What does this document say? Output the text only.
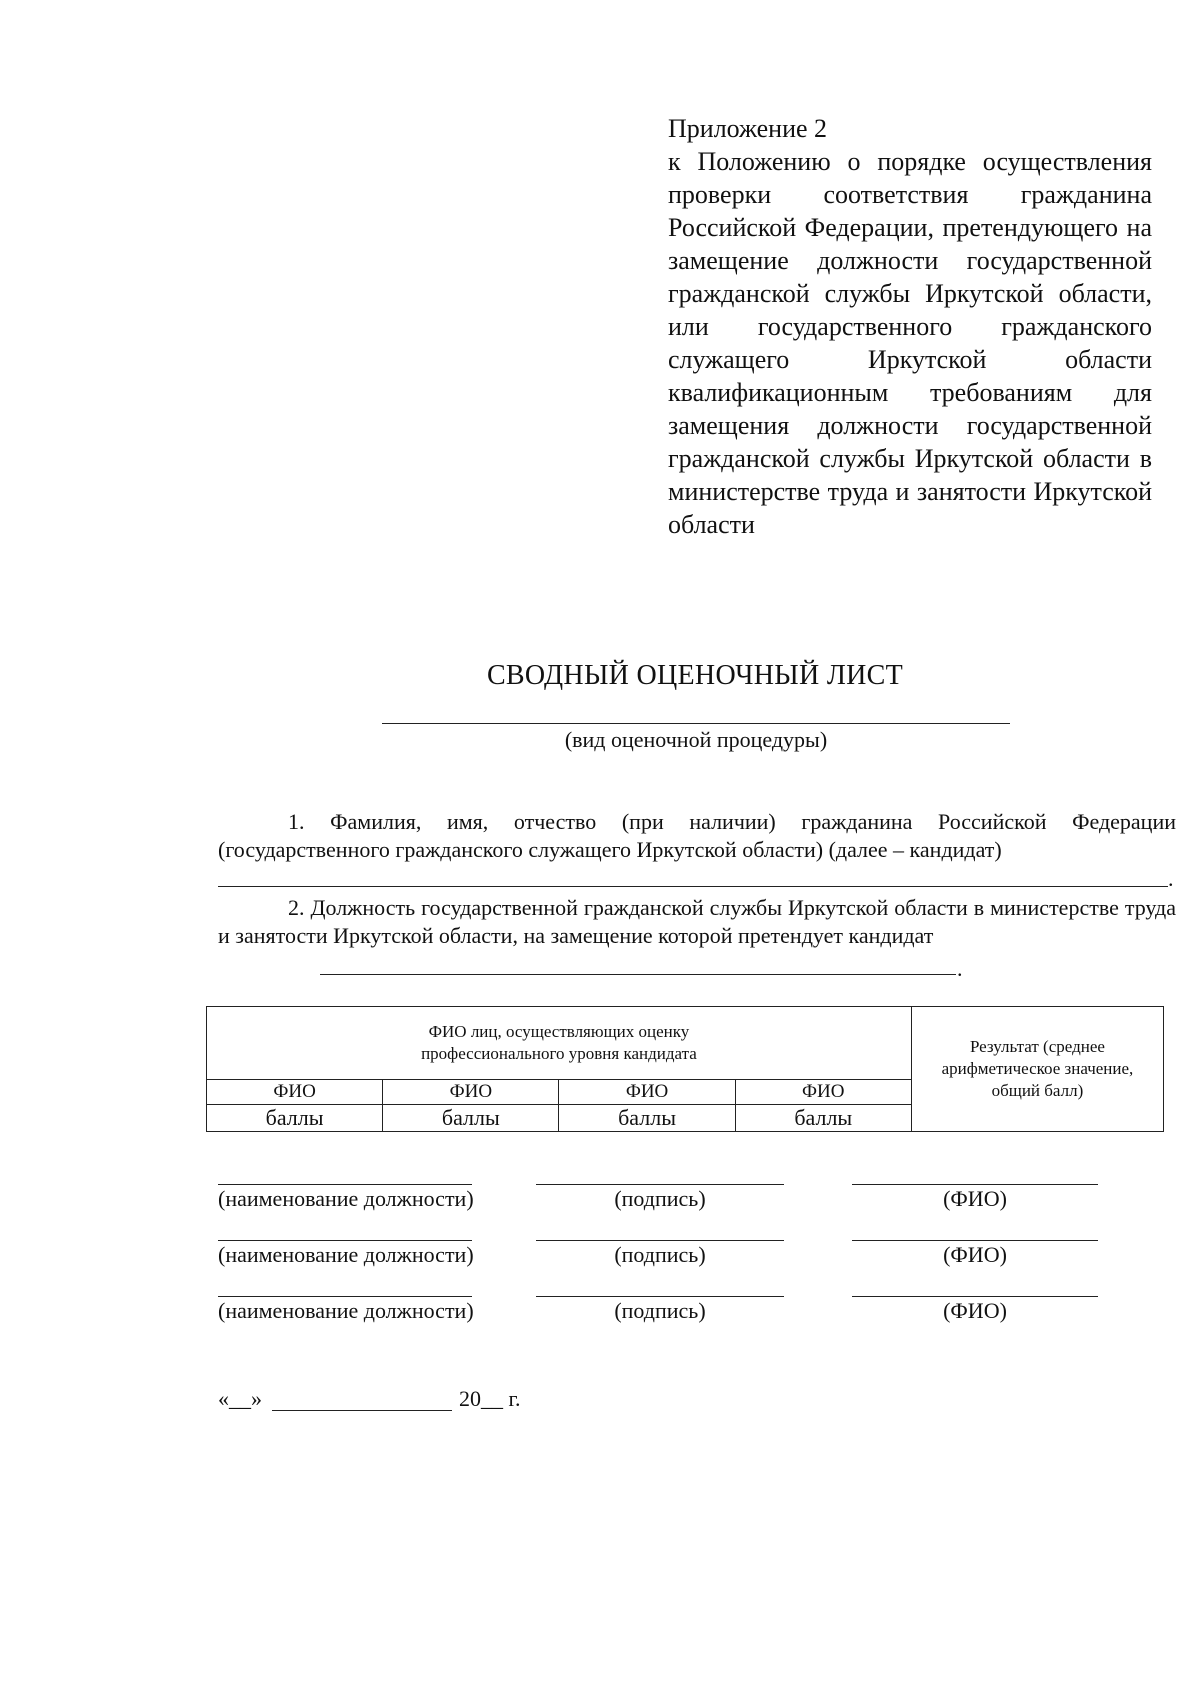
Приложение 2
к Положению о порядке осуществления проверки соответствия гражданина Российской Федерации, претендующего на замещение должности государственной гражданской службы Иркутской области, или государственного гражданского служащего Иркутской области квалификационным требованиям для замещения должности государственной гражданской службы Иркутской области в министерстве труда и занятости Иркутской области
СВОДНЫЙ ОЦЕНОЧНЫЙ ЛИСТ
(вид оценочной процедуры)
1. Фамилия, имя, отчество (при наличии) гражданина Российской Федерации (государственного гражданского служащего Иркутской области) (далее – кандидат)
.
2. Должность государственной гражданской службы Иркутской области в министерстве труда и занятости Иркутской области, на замещение которой претендует кандидат
.
ФИО лиц, осуществляющих оценку профессионального уровня кандидата				Результат (среднее арифметическое значение, общий балл)

ФИО	ФИО	ФИО	ФИО	
баллы	баллы	баллы	баллы	
(наименование должности)	(подпись)	(ФИО)
(наименование должности)	(подпись)	(ФИО)
(наименование должности)	(подпись)	(ФИО)
«__»	20__ г.
